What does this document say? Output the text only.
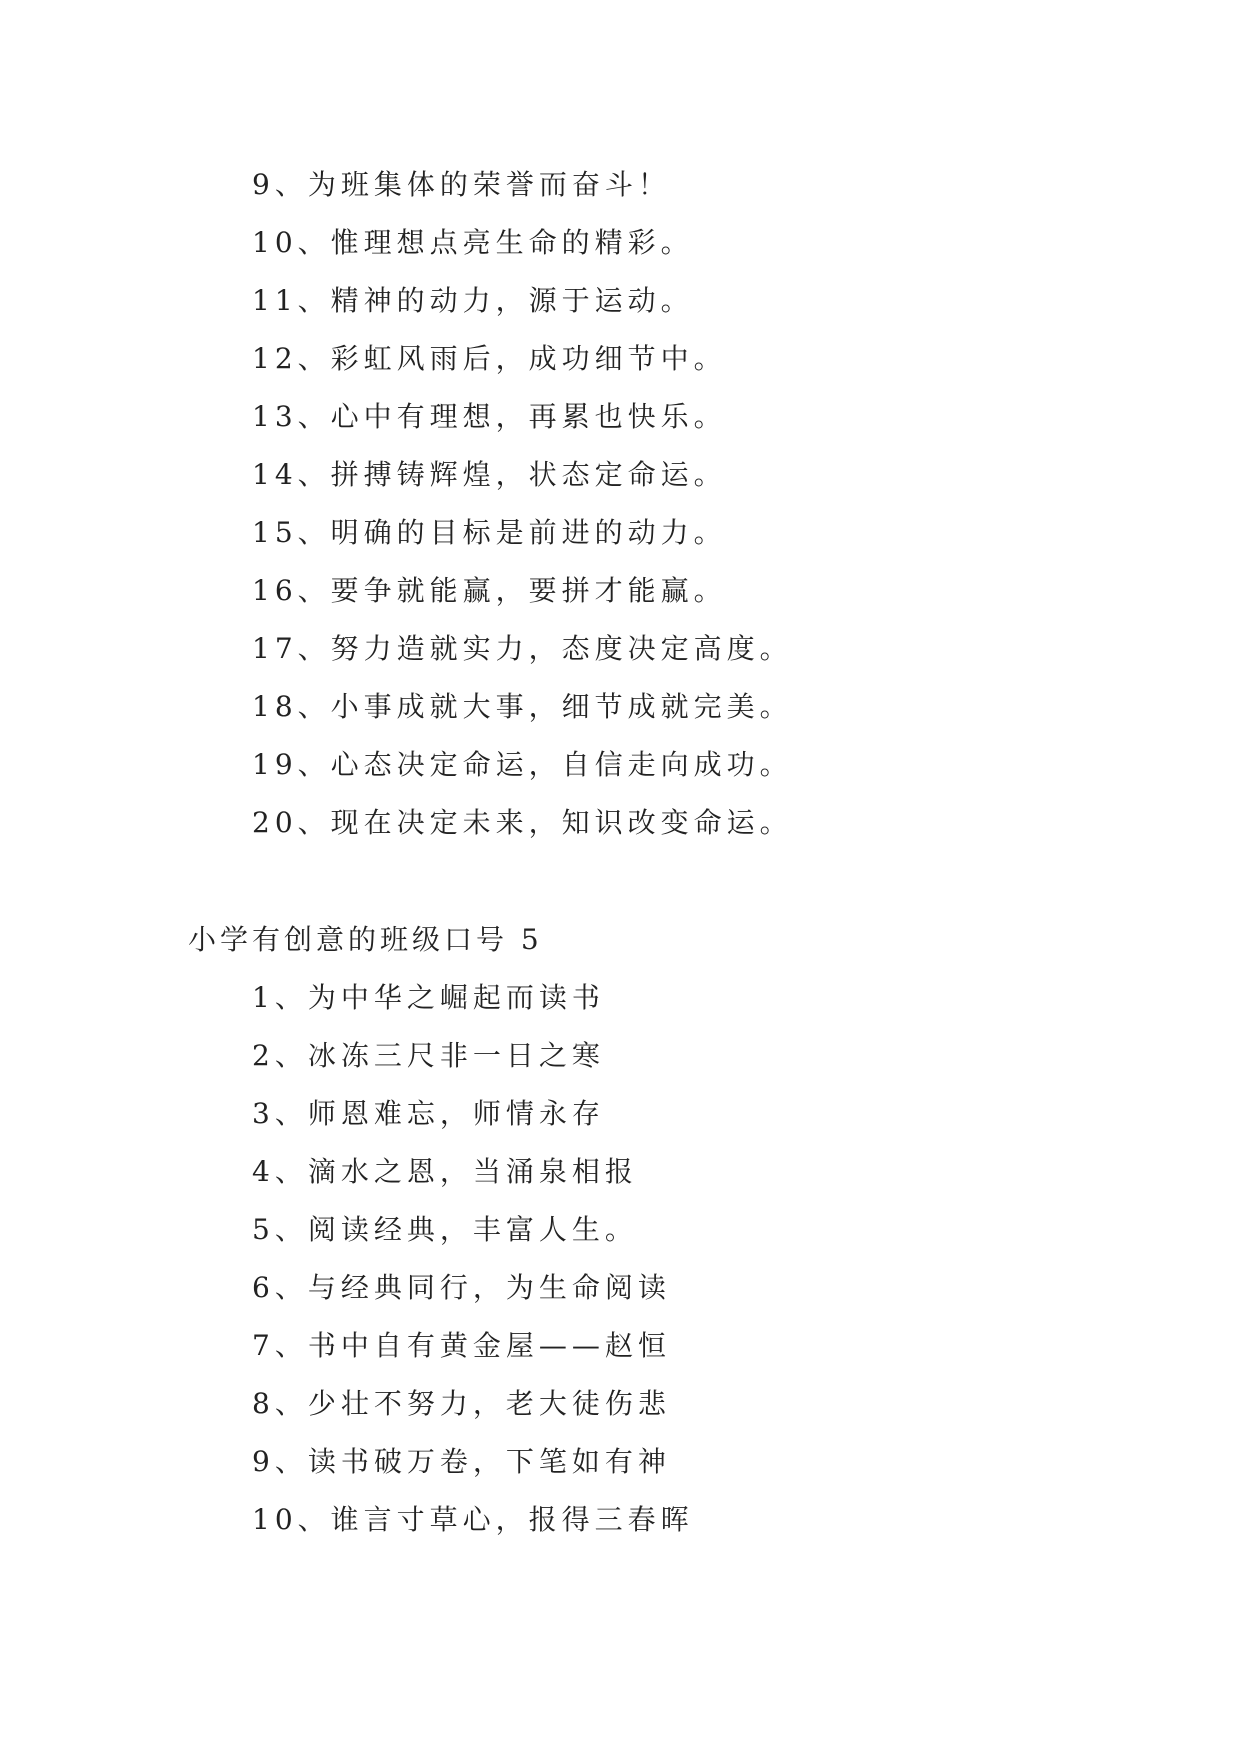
9、为班集体的荣誉而奋斗！
10、惟理想点亮生命的精彩。
11、精神的动力，源于运动。
12、彩虹风雨后，成功细节中。
13、心中有理想，再累也快乐。
14、拼搏铸辉煌，状态定命运。
15、明确的目标是前进的动力。
16、要争就能赢，要拼才能赢。
17、努力造就实力，态度决定高度。
18、小事成就大事，细节成就完美。
19、心态决定命运，自信走向成功。
20、现在决定未来，知识改变命运。
小学有创意的班级口号 5
1、为中华之崛起而读书
2、冰冻三尺非一日之寒
3、师恩难忘，师情永存
4、滴水之恩，当涌泉相报
5、阅读经典，丰富人生。
6、与经典同行，为生命阅读
7、书中自有黄金屋——赵恒
8、少壮不努力，老大徒伤悲
9、读书破万卷，下笔如有神
10、谁言寸草心，报得三春晖
